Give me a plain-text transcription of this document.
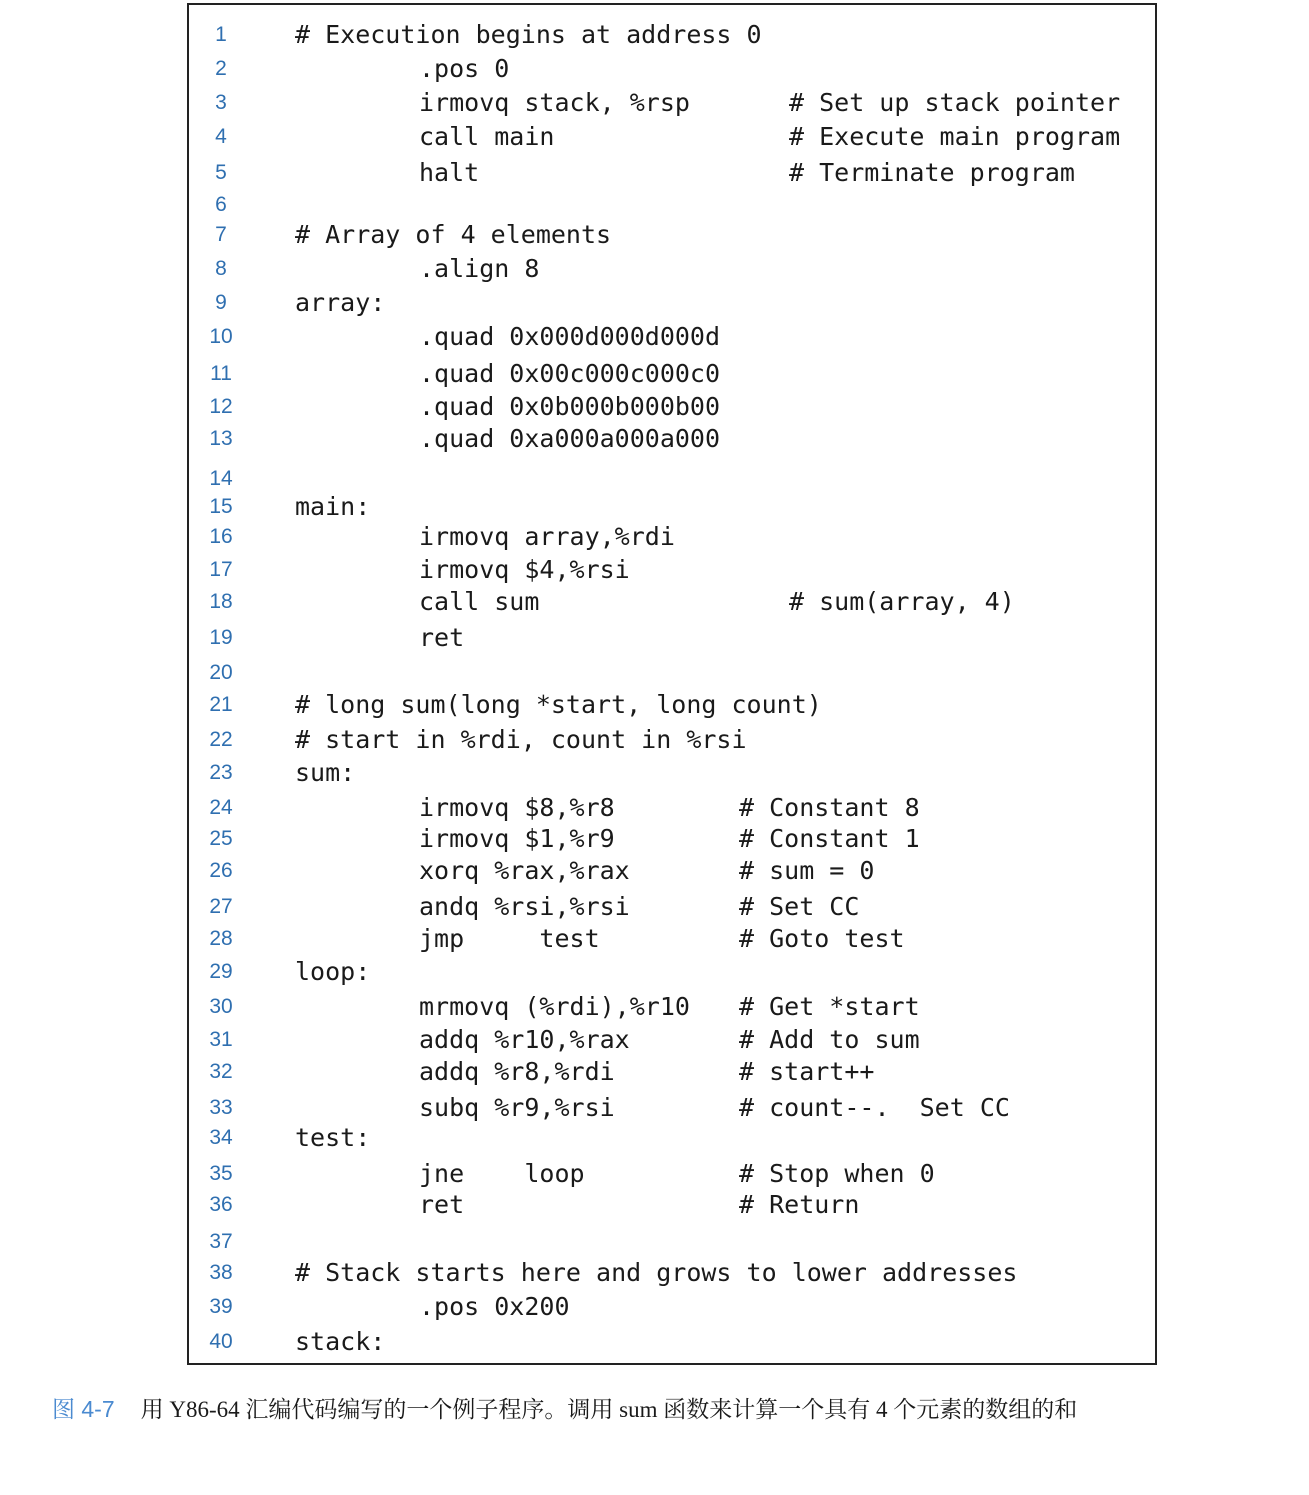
1	# Execution begins at address 0
2	.pos 0
3	irmovq stack, %rsp	# Set up stack pointer
4	call main	# Execute main program
5	halt	# Terminate program
6
7	# Array of 4 elements
8	.align 8
9	array:
10	.quad 0x000d000d000d
11	.quad 0x00c000c000c0
12	.quad 0x0b000b000b00
13	.quad 0xa000a000a000
14
15	main:
16	irmovq array,%rdi
17	irmovq $4,%rsi
18	call sum	# sum(array, 4)
19	ret
20
21	# long sum(long *start, long count)
22	# start in %rdi, count in %rsi
23	sum:
24	irmovq $8,%r8	# Constant 8
25	irmovq $1,%r9	# Constant 1
26	xorq %rax,%rax	# sum = 0
27	andq %rsi,%rsi	# Set CC
28	jmp     test	# Goto test
29	loop:
30	mrmovq (%rdi),%r10 # Get *start
31	addq %r10,%rax	# Add to sum
32	addq %r8,%rdi	# start++
33	subq %r9,%rsi	# count--.  Set CC
34	test:
35	jne    loop	# Stop when 0
36	ret	# Return
37
38	# Stack starts here and grows to lower addresses
39	.pos 0x200
40	stack:
图 4-7 用 Y86-64 汇编代码编写的一个例子程序。调用 sum 函数来计算一个具有 4 个元素的数组的和
